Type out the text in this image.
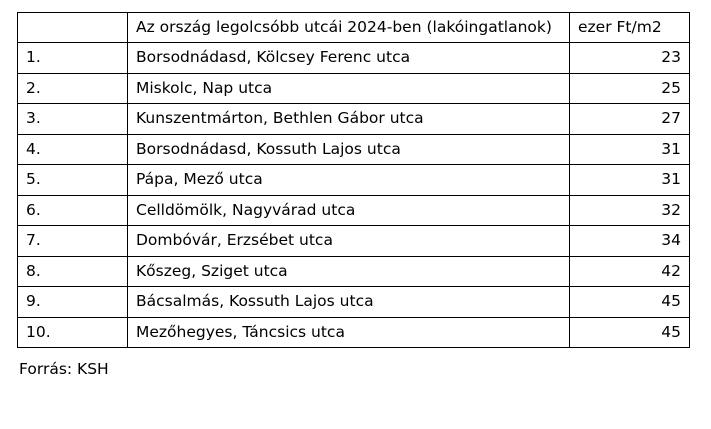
	Az ország legolcsóbb utcái 2024-ben (lakóingatlanok)	ezer Ft/m2
1.	Borsodnádasd, Kölcsey Ferenc utca	23
2.	Miskolc, Nap utca	25
3.	Kunszentmárton, Bethlen Gábor utca	27
4.	Borsodnádasd, Kossuth Lajos utca	31
5.	Pápa, Mező utca	31
6.	Celldömölk, Nagyvárad utca	32
7.	Dombóvár, Erzsébet utca	34
8.	Kőszeg, Sziget utca	42
9.	Bácsalmás, Kossuth Lajos utca	45
10.	Mezőhegyes, Táncsics utca	45
Forrás: KSH
